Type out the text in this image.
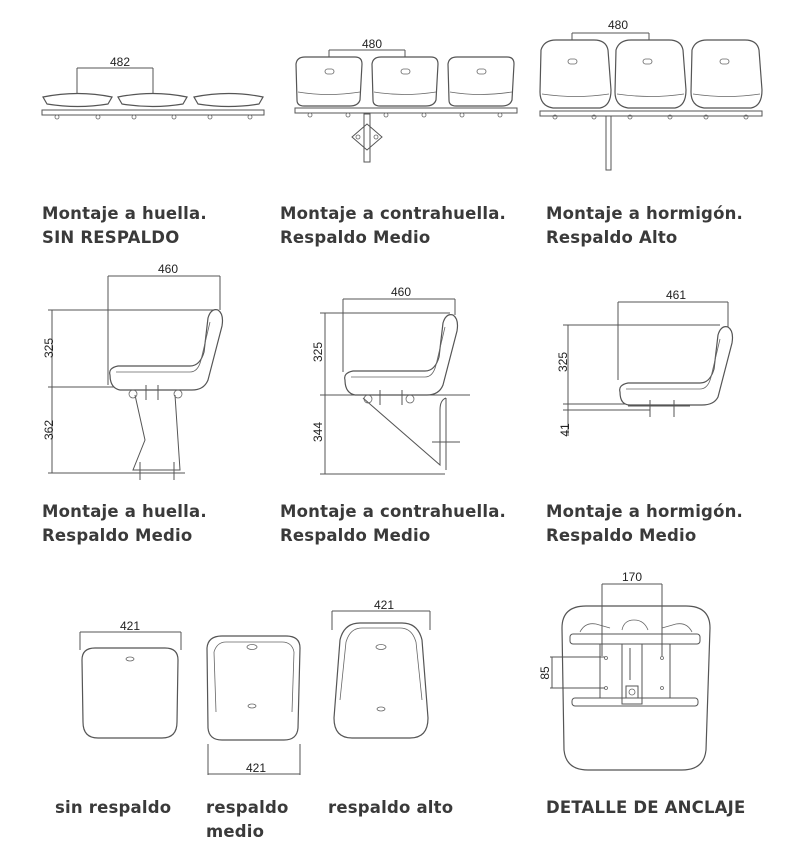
482
480
480
460
325
362
460
325
344
461
325
41
421
421
421
170
85
Montaje a huella.
SIN RESPALDO
Montaje a contrahuella.
Respaldo Medio
Montaje a hormigón.
Respaldo Alto
Montaje a huella.
Respaldo Medio
Montaje a contrahuella.
Respaldo Medio
Montaje a hormigón.
Respaldo Medio
sin respaldo respaldo
medio
respaldo alto	DETALLE DE ANCLAJE
